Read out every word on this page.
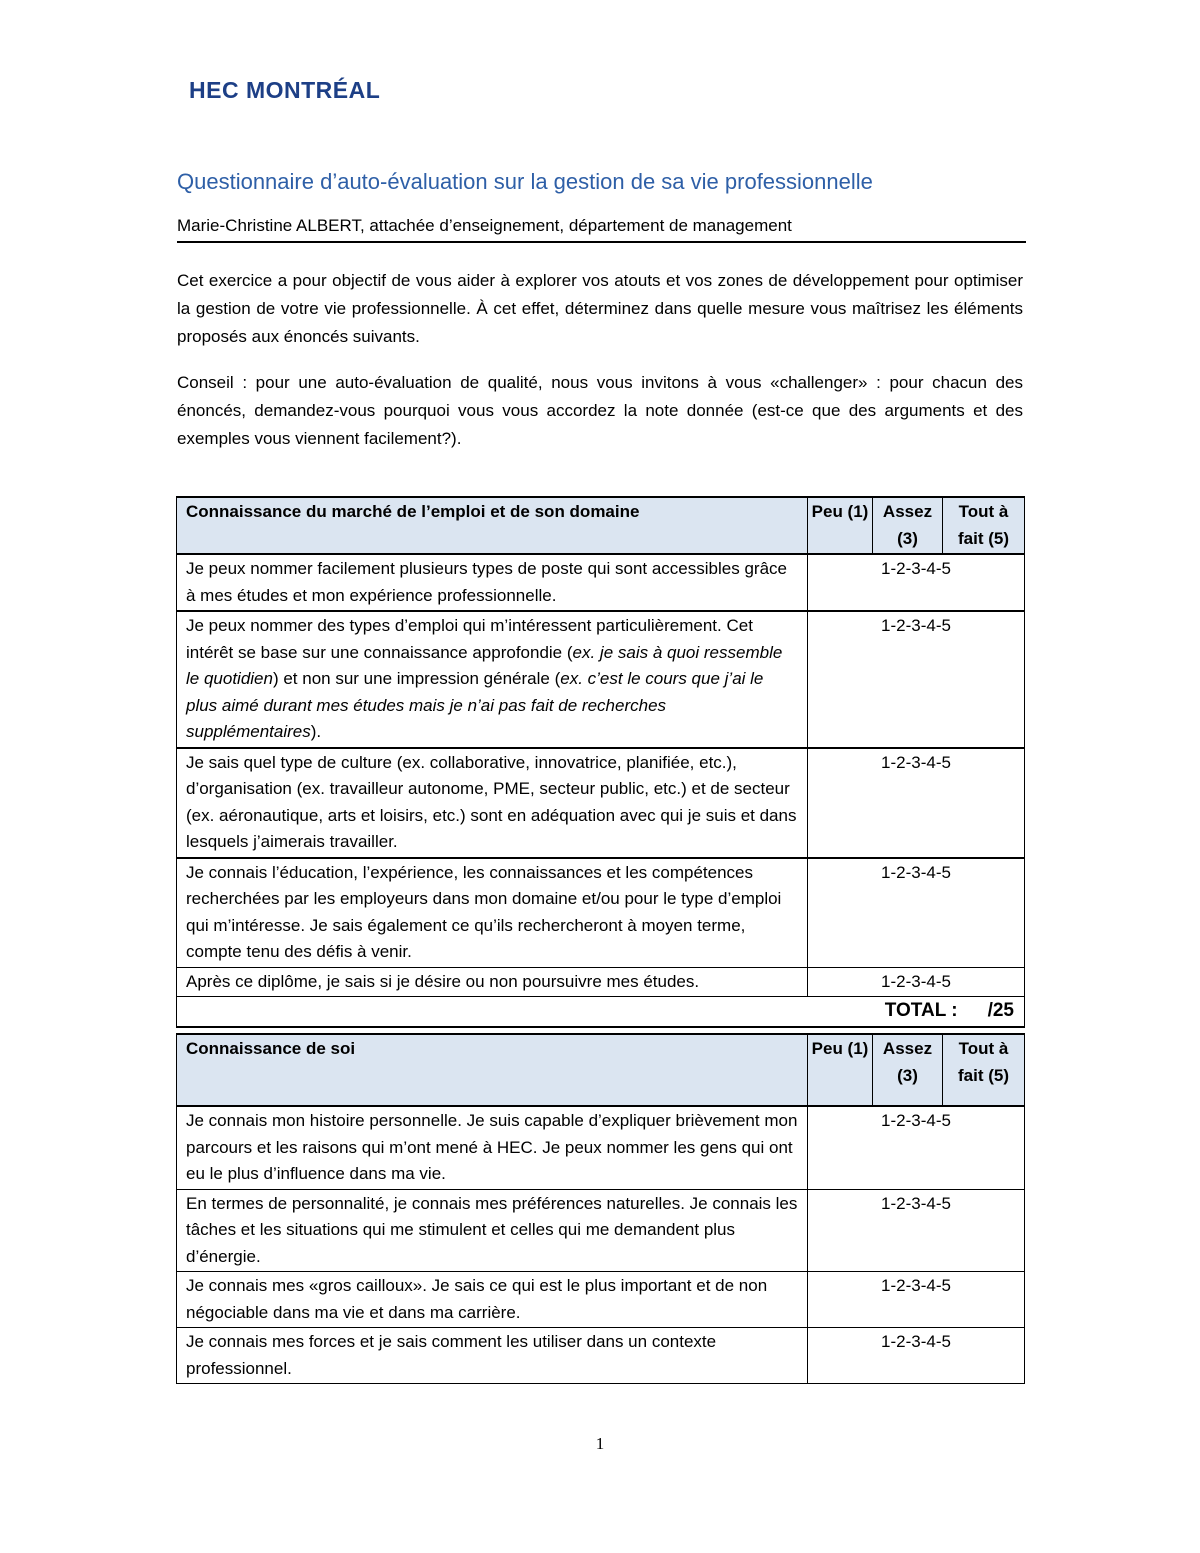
HEC MONTRÉAL
Questionnaire d’auto-évaluation sur la gestion de sa vie professionnelle
Marie-Christine ALBERT, attachée d’enseignement, département de management

Cet exercice a pour objectif de vous aider à explorer vos atouts et vos zones de développement pour optimiser la gestion de votre vie professionnelle. À cet effet, déterminez dans quelle mesure vous maîtrisez les éléments proposés aux énoncés suivants.

Conseil : pour une auto-évaluation de qualité, nous vous invitons à vous «challenger» : pour chacun des énoncés, demandez-vous pourquoi vous vous accordez la note donnée (est-ce que des arguments et des exemples vous viennent facilement?).

Connaissance du marché de l’emploi et de son domaine	Peu (1)	Assez (3)	Tout à fait (5)
Je peux nommer facilement plusieurs types de poste qui sont accessibles grâce à mes études et mon expérience professionnelle.	1-2-3-4-5		
Je peux nommer des types d’emploi qui m’intéressent particulièrement. Cet intérêt se base sur une connaissance approfondie (ex. je sais à quoi ressemble le quotidien) et non sur une impression générale (ex. c’est le cours que j’ai le plus aimé durant mes études mais je n’ai pas fait de recherches supplémentaires).	1-2-3-4-5		
Je sais quel type de culture (ex. collaborative, innovatrice, planifiée, etc.), d’organisation (ex. travailleur autonome, PME, secteur public, etc.) et de secteur (ex. aéronautique, arts et loisirs, etc.) sont en adéquation avec qui je suis et dans lesquels j’aimerais travailler.	1-2-3-4-5		
Je connais l’éducation, l’expérience, les connaissances et les compétences recherchées par les employeurs dans mon domaine et/ou pour le type d’emploi qui m’intéresse. Je sais également ce qu’ils rechercheront à moyen terme, compte tenu des défis à venir.	1-2-3-4-5		
Après ce diplôme, je sais si je désire ou non poursuivre mes études.	1-2-3-4-5		
TOTAL : /25			
Connaissance de soi	Peu (1)	Assez (3)	Tout à fait (5)
Je connais mon histoire personnelle. Je suis capable d’expliquer brièvement mon parcours et les raisons qui m’ont mené à HEC. Je peux nommer les gens qui ont eu le plus d’influence dans ma vie.	1-2-3-4-5		
En termes de personnalité, je connais mes préférences naturelles. Je connais les tâches et les situations qui me stimulent et celles qui me demandent plus d’énergie.	1-2-3-4-5		
Je connais mes «gros cailloux». Je sais ce qui est le plus important et de non négociable dans ma vie et dans ma carrière.	1-2-3-4-5		
Je connais mes forces et je sais comment les utiliser dans un contexte professionnel.	1-2-3-4-5		
1
